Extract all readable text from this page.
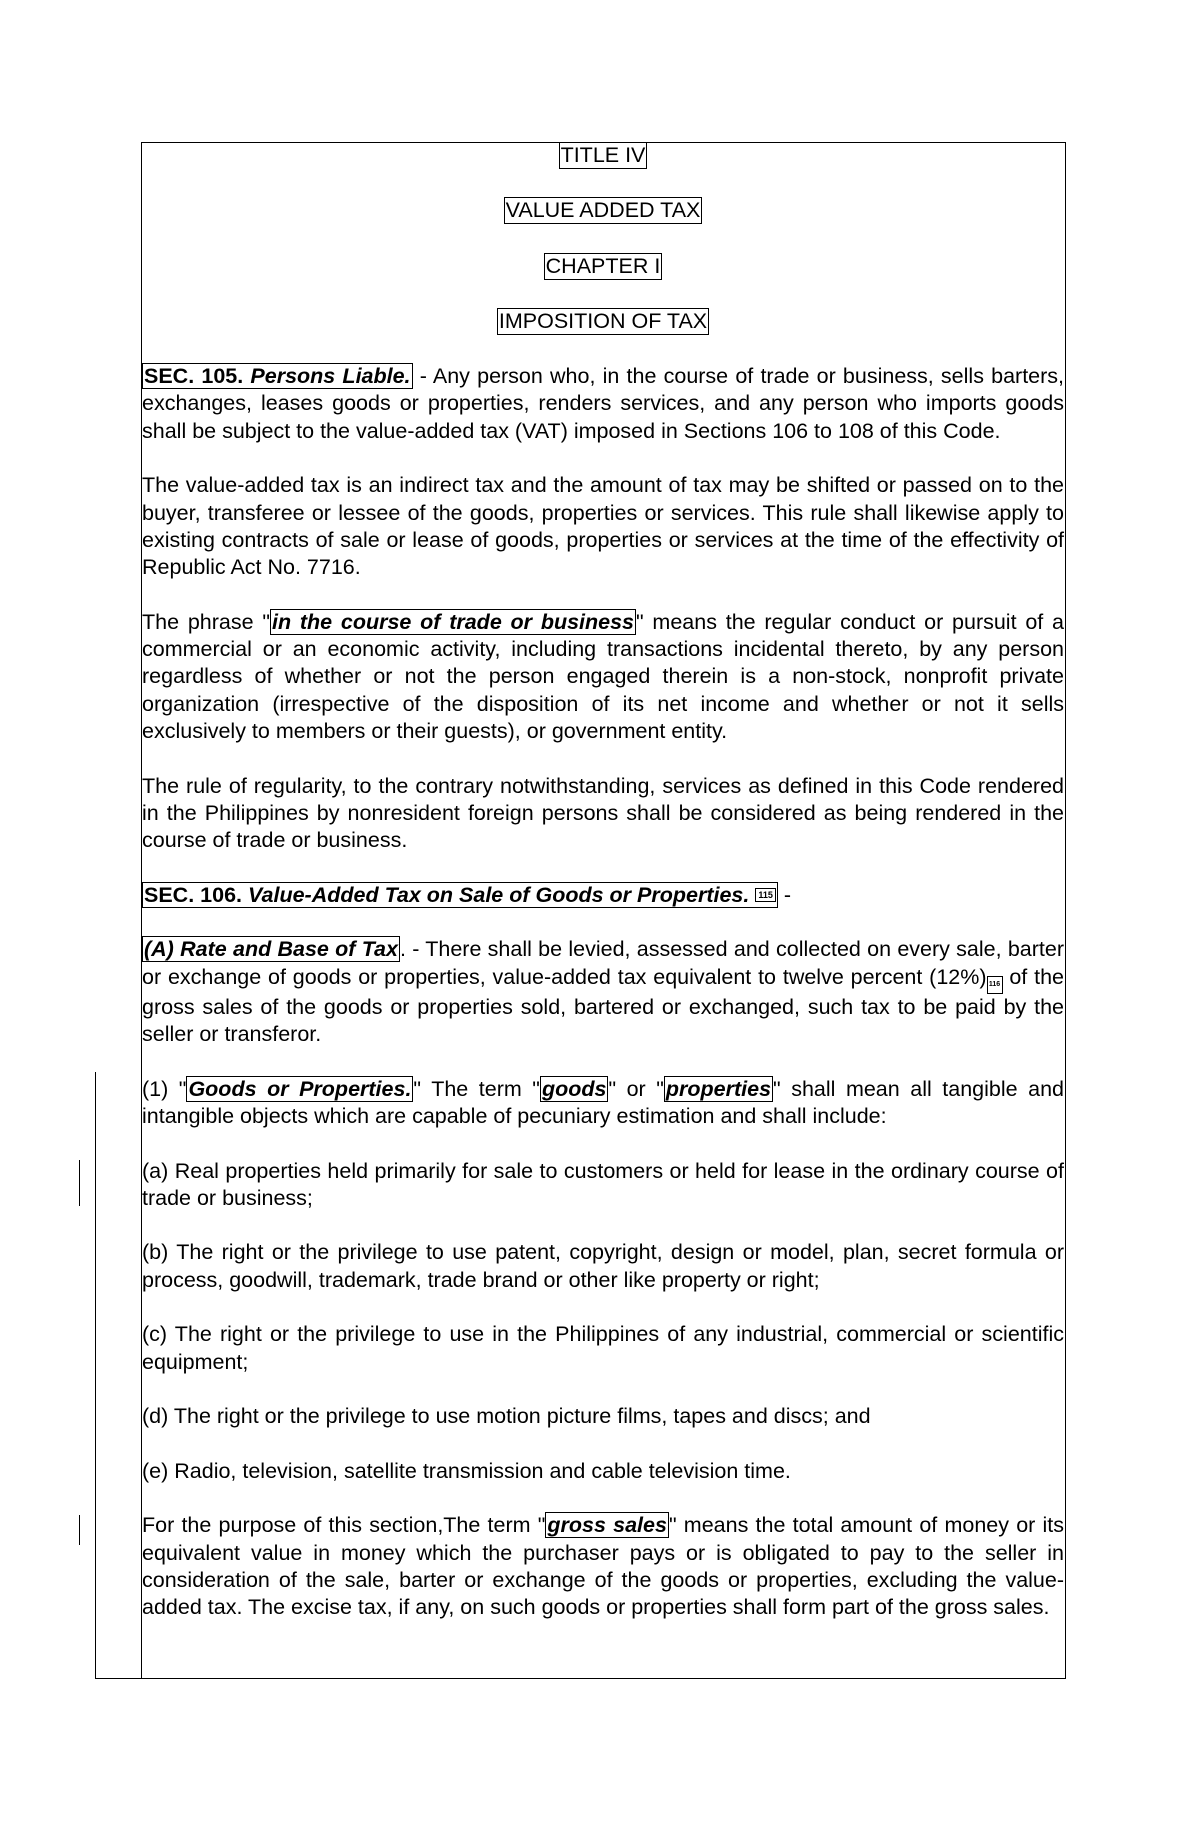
TITLE IV
VALUE ADDED TAX
CHAPTER I
IMPOSITION OF TAX

SEC. 105. Persons Liable. - Any person who, in the course of trade or business, sells barters, exchanges, leases goods or properties, renders services, and any person who imports goods shall be subject to the value-added tax (VAT) imposed in Sections 106 to 108 of this Code.

The value-added tax is an indirect tax and the amount of tax may be shifted or passed on to the buyer, transferee or lessee of the goods, properties or services. This rule shall likewise apply to existing contracts of sale or lease of goods, properties or services at the time of the effectivity of Republic Act No. 7716.

The phrase "in the course of trade or business" means the regular conduct or pursuit of a commercial or an economic activity, including transactions incidental thereto, by any person regardless of whether or not the person engaged therein is a non-stock, nonprofit private organization (irrespective of the disposition of its net income and whether or not it sells exclusively to members or their guests), or government entity.

The rule of regularity, to the contrary notwithstanding, services as defined in this Code rendered in the Philippines by nonresident foreign persons shall be considered as being rendered in the course of trade or business.

SEC. 106. Value-Added Tax on Sale of Goods or Properties. 115 -

(A) Rate and Base of Tax. - There shall be levied, assessed and collected on every sale, barter or exchange of goods or properties, value-added tax equivalent to twelve percent (12%) 116 of the gross sales of the goods or properties sold, bartered or exchanged, such tax to be paid by the seller or transferor.

(1) "Goods or Properties." The term "goods" or "properties" shall mean all tangible and intangible objects which are capable of pecuniary estimation and shall include:

(a) Real properties held primarily for sale to customers or held for lease in the ordinary course of trade or business;

(b) The right or the privilege to use patent, copyright, design or model, plan, secret formula or process, goodwill, trademark, trade brand or other like property or right;

(c) The right or the privilege to use in the Philippines of any industrial, commercial or scientific equipment;

(d) The right or the privilege to use motion picture films, tapes and discs; and

(e) Radio, television, satellite transmission and cable television time.

For the purpose of this section,The term "gross sales" means the total amount of money or its equivalent value in money which the purchaser pays or is obligated to pay to the seller in consideration of the sale, barter or exchange of the goods or properties, excluding the value-added tax. The excise tax, if any, on such goods or properties shall form part of the gross sales.
